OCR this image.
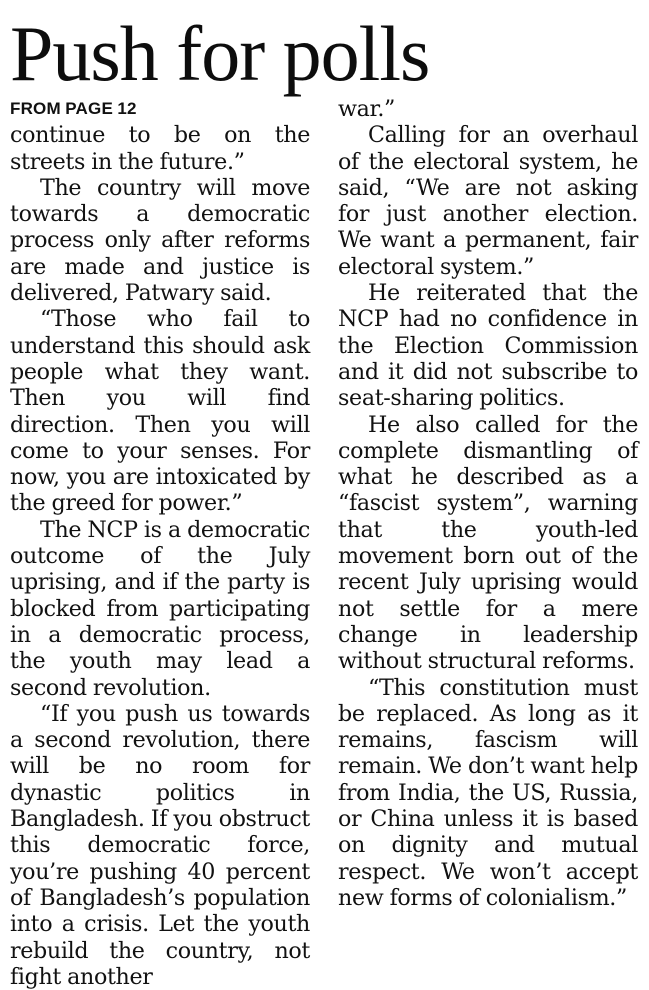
Push for polls
FROM PAGE 12

continue to be on the streets in the future.”

The country will move towards a democratic process only after reforms are made and justice is delivered, Patwary said.

“Those who fail to understand this should ask people what they want. Then you will find direction. Then you will come to your senses. For now, you are intoxicated by the greed for power.”

The NCP is a democratic outcome of the July uprising, and if the party is blocked from participating in a democratic process, the youth may lead a second revolution.

“If you push us towards a second revolution, there will be no room for dynastic politics in Bangladesh. If you obstruct this democratic force, you’re pushing 40 percent of Bangladesh’s population into a crisis. Let the youth rebuild the country, not fight another

war.”

Calling for an overhaul of the electoral system, he said, “We are not asking for just another election. We want a permanent, fair electoral system.”

He reiterated that the NCP had no confidence in the Election Commission and it did not subscribe to seat-sharing politics.

He also called for the complete dismantling of what he described as a “fascist system”, warning that the youth-led movement born out of the recent July uprising would not settle for a mere change in leadership without structural reforms.

“This constitution must be replaced. As long as it remains, fascism will remain. We don’t want help from India, the US, Russia, or China unless it is based on dignity and mutual respect. We won’t accept new forms of colonialism.”
